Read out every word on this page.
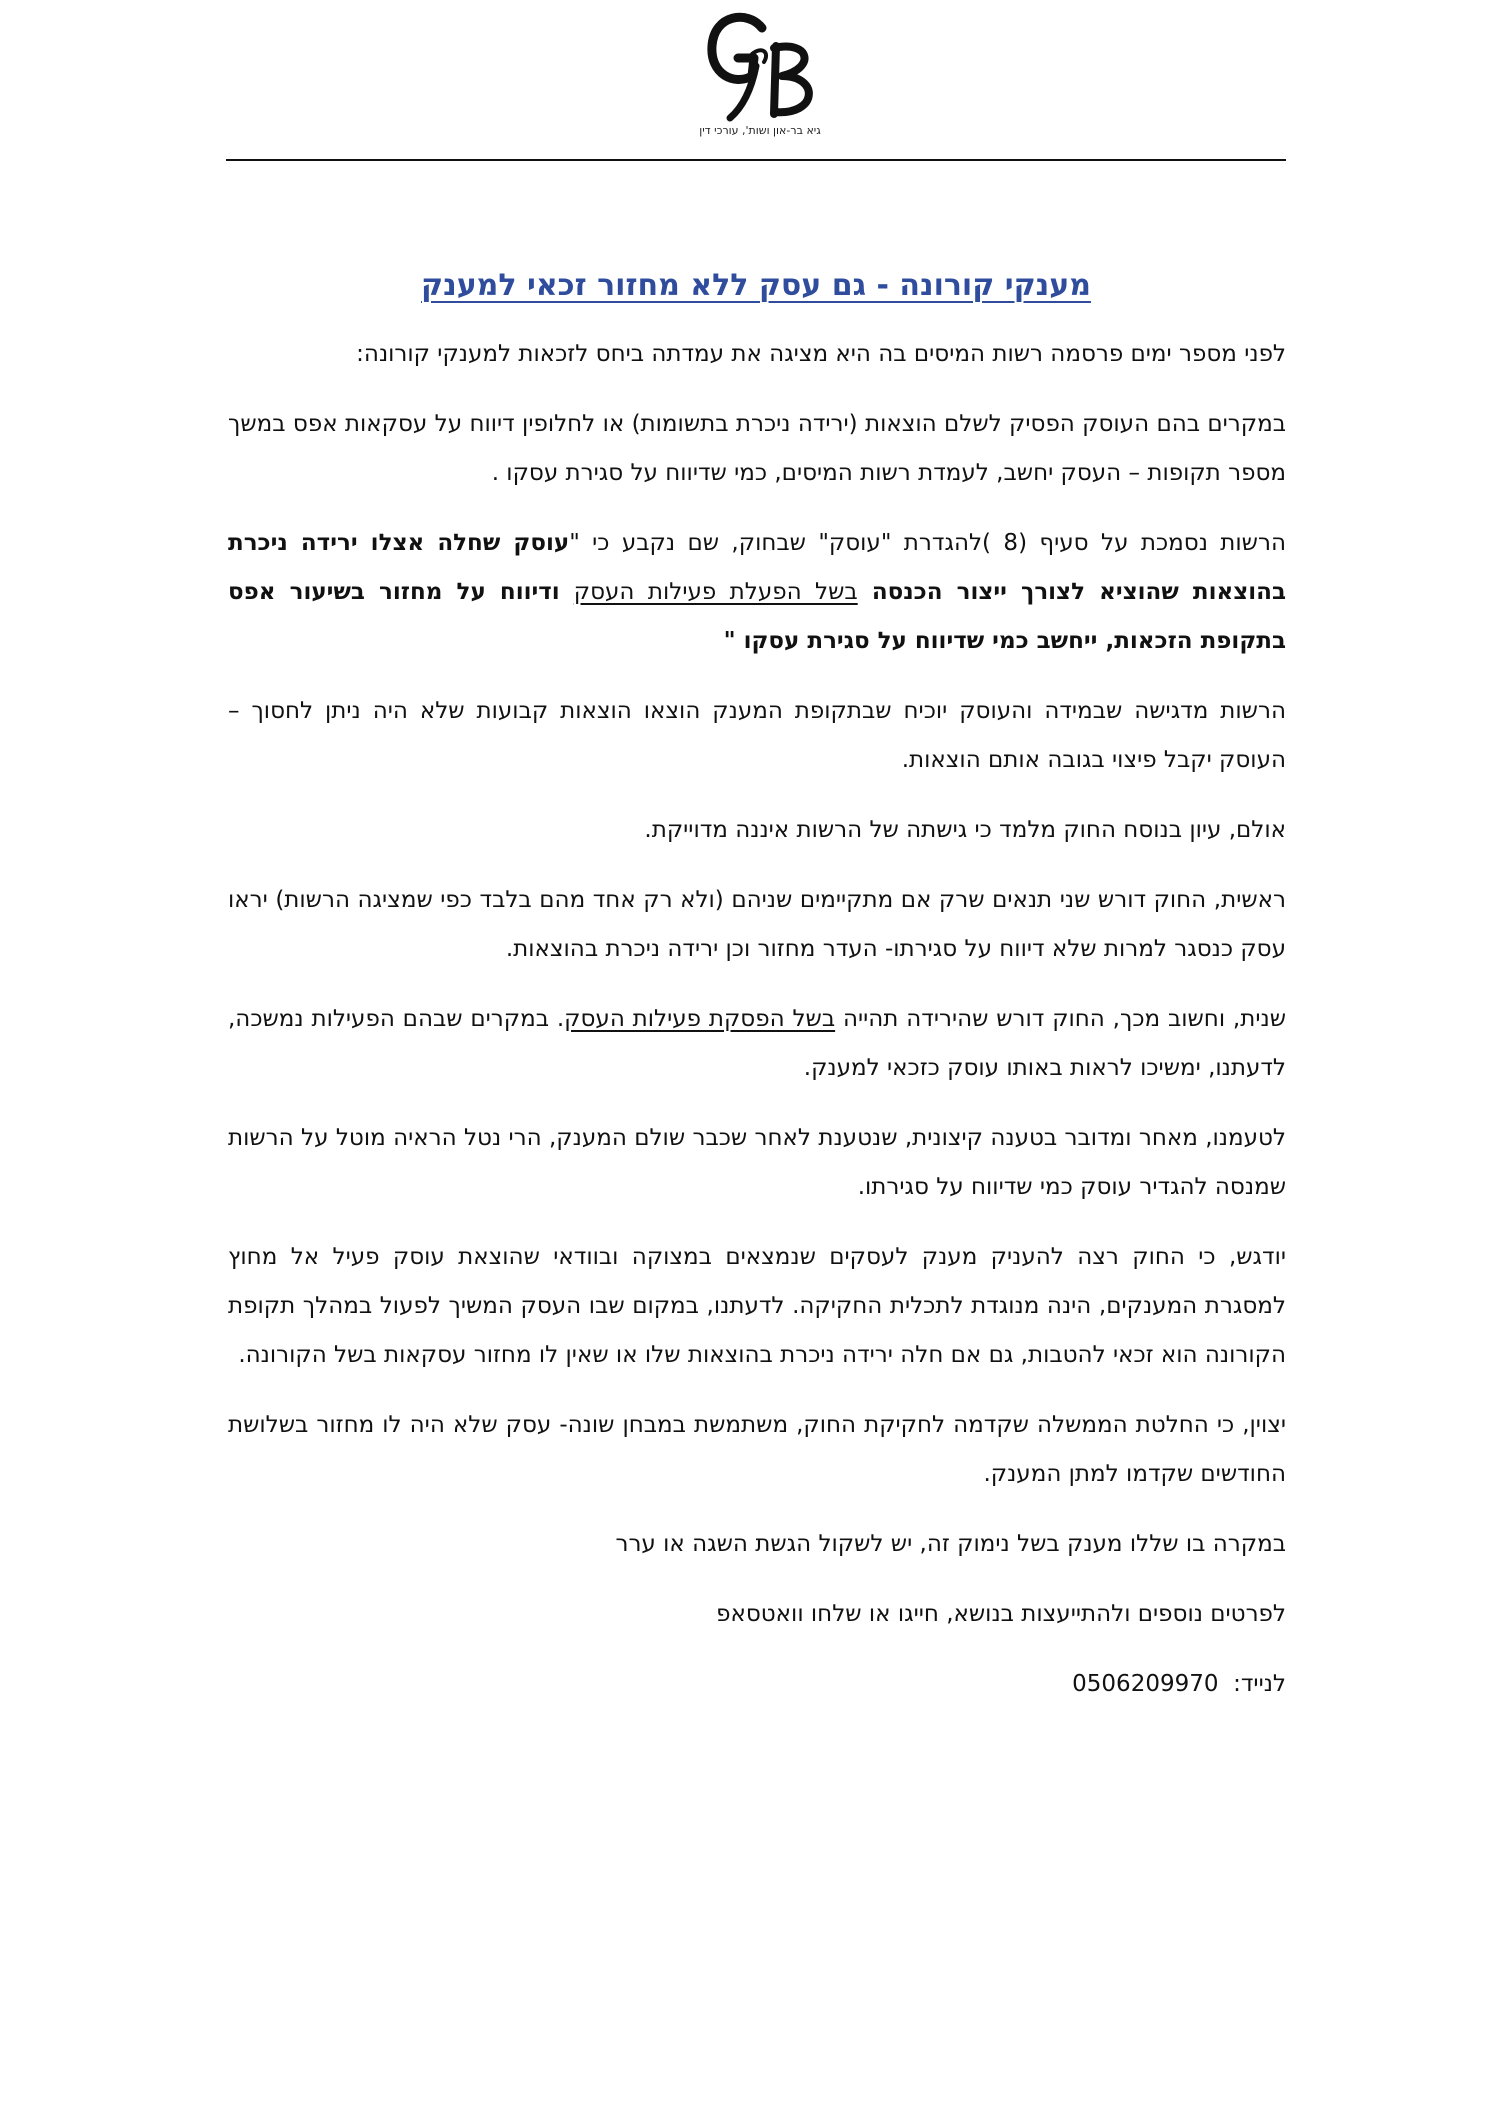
גיא בר-און ושות', עורכי דין
מענקי קורונה - גם עסק ללא מחזור זכאי למענק

לפני מספר ימים פרסמה רשות המיסים בה היא מציגה את עמדתה ביחס לזכאות למענקי קורונה:

במקרים בהם העוסק הפסיק לשלם הוצאות (ירידה ניכרת בתשומות) או לחלופין דיווח על עסקאות אפס במשך מספר תקופות – העסק יחשב, לעמדת רשות המיסים, כמי שדיווח על סגירת עסקו .

הרשות נסמכת על סעיף (8 )להגדרת "עוסק" שבחוק, שם נקבע כי "עוסק שחלה אצלו ירידה ניכרת בהוצאות שהוציא לצורך ייצור הכנסה בשל הפעלת פעילות העסק ודיווח על מחזור בשיעור אפס בתקופת הזכאות, ייחשב כמי שדיווח על סגירת עסקו "

הרשות מדגישה שבמידה והעוסק יוכיח שבתקופת המענק הוצאו הוצאות קבועות שלא היה ניתן לחסוך – העוסק יקבל פיצוי בגובה אותם הוצאות.

אולם, עיון בנוסח החוק מלמד כי גישתה של הרשות איננה מדוייקת.

ראשית, החוק דורש שני תנאים שרק אם מתקיימים שניהם (ולא רק אחד מהם בלבד כפי שמציגה הרשות) יראו עסק כנסגר למרות שלא דיווח על סגירתו- העדר מחזור וכן ירידה ניכרת בהוצאות.

שנית, וחשוב מכך, החוק דורש שהירידה תהייה בשל הפסקת פעילות העסק. במקרים שבהם הפעילות נמשכה, לדעתנו, ימשיכו לראות באותו עוסק כזכאי למענק.

לטעמנו, מאחר ומדובר בטענה קיצונית, שנטענת לאחר שכבר שולם המענק, הרי נטל הראיה מוטל על הרשות שמנסה להגדיר עוסק כמי שדיווח על סגירתו.

יודגש, כי החוק רצה להעניק מענק לעסקים שנמצאים במצוקה ובוודאי שהוצאת עוסק פעיל אל מחוץ למסגרת המענקים, הינה מנוגדת לתכלית החקיקה. לדעתנו, במקום שבו העסק המשיך לפעול במהלך תקופת הקורונה הוא זכאי להטבות, גם אם חלה ירידה ניכרת בהוצאות שלו או שאין לו מחזור עסקאות בשל הקורונה.

יצוין, כי החלטת הממשלה שקדמה לחקיקת החוק, משתמשת במבחן שונה- עסק שלא היה לו מחזור בשלושת החודשים שקדמו למתן המענק.

במקרה בו שללו מענק בשל נימוק זה, יש לשקול הגשת השגה או ערר

לפרטים נוספים ולהתייעצות בנושא, חייגו או שלחו וואטסאפ

לנייד:  0506209970
